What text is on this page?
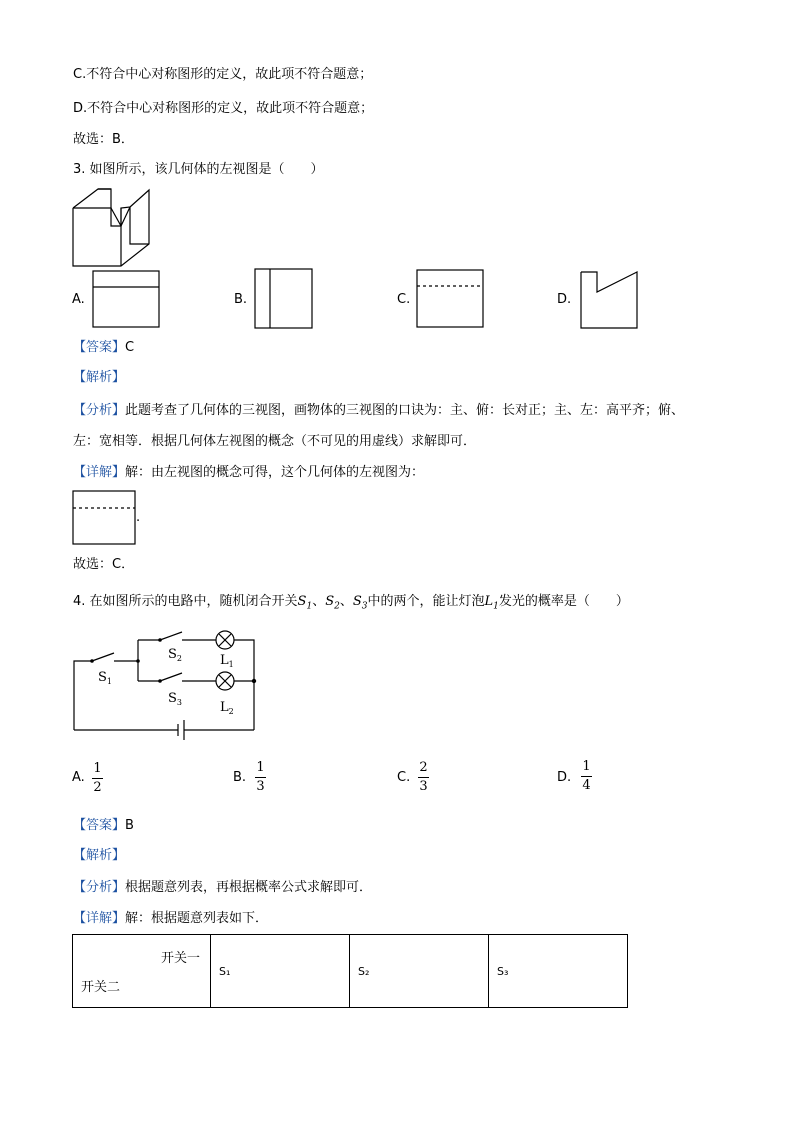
C.不符合中心对称图形的定义，故此项不符合题意；
D.不符合中心对称图形的定义，故此项不符合题意；
故选：B．
3. 如图所示，该几何体的左视图是（　　）
A.	B.	C.	D.
【答案】C
【解析】
【分析】此题考查了几何体的三视图，画物体的三视图的口诀为：主、俯：长对正；主、左：高平齐；俯、
左：宽相等．根据几何体左视图的概念（不可见的用虚线）求解即可．
【详解】解：由左视图的概念可得，这个几何体的左视图为：
.
故选：C．
4. 在如图所示的电路中，随机闭合开关$S_1$、$S_2$、$S_3$中的两个，能让灯泡$L_1$发光的概率是（　　）
$S_1$
$S_2$	$L_1$
$S_3$	$L_2$
A.
1
2
B.
1
3
C.
2
3
D.
1
4
【答案】B
【解析】
【分析】根据题意列表，再根据概率公式求解即可．
【详解】解：根据题意列表如下．
开关一
开关二
	S₁	S₂	S₃
